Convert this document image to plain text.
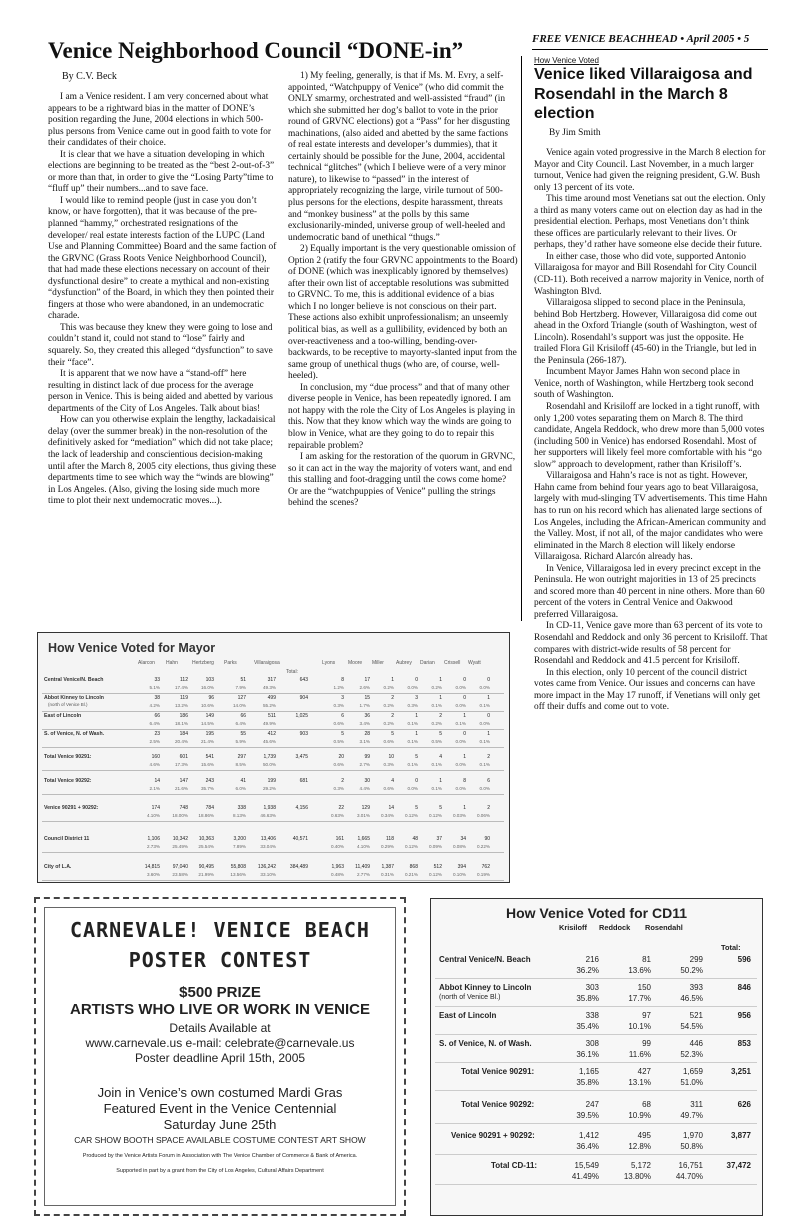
Venice Neighborhood Council “DONE-in”
By C.V. Beck

I am a Venice resident. I am very concerned about what appears to be a rightward bias in the matter of DONE’s position regarding the June, 2004 elections in which 500-plus persons from Venice came out in good faith to vote for their candidates of their choice.

It is clear that we have a situation developing in which elections are beginning to be treated as the “best 2-out-of-3” or more than that, in order to give the “Losing Party”time to “fluff up” their numbers...and to save face.

I would like to remind people (just in case you don’t know, or have forgotten), that it was because of the pre-planned “hammy,” orchestrated resignations of the developer/ real estate interests faction of the LUPC (Land Use and Planning Committee) Board and the same faction of the GRVNC (Grass Roots Venice Neighborhood Council), that had made these elections necessary on account of their dysfunctional desire” to create a mythical and non-existing “dysfunction” of the Board, in which they then pointed their fingers at those who were abandoned, in an undemocratic charade.

This was because they knew they were going to lose and couldn’t stand it, could not stand to “lose” fairly and squarely. So, they created this alleged “dysfunction” to save their “face”.

It is apparent that we now have a “stand-off” here resulting in distinct lack of due process for the average person in Venice. This is being aided and abetted by various departments of the City of Los Angeles. Talk about bias!

How can you otherwise explain the lengthy, lackadaisical delay (over the summer break) in the non-resolution of the definitively asked for “mediation” which did not take place; the lack of leadership and conscientious decision-making until after the March 8, 2005 city elections, thus giving these departments time to see which way the “winds are blowing” in Los Angeles. (Also, giving the losing side much more time to plot their next undemocratic moves...).

1) My feeling, generally, is that if Ms. M. Evry, a self-appointed, “Watchpuppy of Venice” (who did commit the ONLY smarmy, orchestrated and well-assisted “fraud” (in which she submitted her dog’s ballot to vote in the prior round of GRVNC elections) got a “Pass” for her disgusting machinations, (also aided and abetted by the same factions of real estate interests and developer’s dummies), that it certainly should be possible for the June, 2004, accidental technical “glitches” (which I believe were of a very minor nature), to likewise to “passed” in the interest of appropriately recognizing the large, virile turnout of 500-plus persons for the elections, despite harassment, threats and “monkey business” at the polls by this same exclusionarily-minded, universe group of well-heeled and undemocratic band of unethical “thugs.”

2) Equally important is the very questionable omission of Option 2 (ratify the four GRVNC appointments to the Board) of DONE (which was inexplicably ignored by themselves) after their own list of acceptable resolutions was submitted to GRVNC. To me, this is additional evidence of a bias which I no longer believe is not conscious on their part. These actions also exhibit unprofessionalism; an unseemly political bias, as well as a gullibility, evidenced by both an over-reactiveness and a too-willing, bending-over-backwards, to be receptive to mayorty-slanted input from the same group of unethical thugs (who are, of course, well-heeled).

In conclusion, my “due process” and that of many other diverse people in Venice, has been repeatedly ignored. I am not happy with the role the City of Los Angeles is playing in this. Now that they know which way the winds are going to blow in Venice, what are they going to do to repair this repairable problem?

I am asking for the restoration of the quorum in GRVNC, so it can act in the way the majority of voters want, and end this stalling and foot-dragging until the cows come home? Or are the “watchpuppies of Venice” pulling the strings behind the scenes?

FREE VENICE BEACHHEAD • April 2005 • 5
How Venice Voted
Venice liked Villaraigosa and Rosendahl in the March 8 election
By Jim Smith

Venice again voted progressive in the March 8 election for Mayor and City Council. Last November, in a much larger turnout, Venice had given the reigning president, G.W. Bush only 13 percent of its vote.

This time around most Venetians sat out the election. Only a third as many voters came out on election day as had in the presidential election. Perhaps, most Venetians don’t think these offices are particularly relevant to their lives. Or perhaps, they’d rather have someone else decide their future.

In either case, those who did vote, supported Antonio Villaraigosa for mayor and Bill Rosendahl for City Council (CD-11). Both received a narrow majority in Venice, north of Washington Blvd.

Villaraigosa slipped to second place in the Peninsula, behind Bob Hertzberg. However, Villaraigosa did come out ahead in the Oxford Triangle (south of Washington, west of Lincoln). Rosendahl’s support was just the opposite. He trailed Flora Gil Krisiloff (45-60) in the Triangle, but led in the Peninsula (266-187).

Incumbent Mayor James Hahn won second place in Venice, north of Washington, while Hertzberg took second south of Washington.

Rosendahl and Krisiloff are locked in a tight runoff, with only 1,200 votes separating them on March 8. The third candidate, Angela Reddock, who drew more than 5,000 votes (including 500 in Venice) has endorsed Rosendahl. Most of her supporters will likely feel more comfortable with his “go slow” approach to development, rather than Krisiloff’s.

Villaraigosa and Hahn’s race is not as tight. However, Hahn came from behind four years ago to beat Villaraigosa, largely with mud-slinging TV advertisements. This time Hahn has to run on his record which has alienated large sections of Los Angeles, including the African-American community and the Valley. Most, if not all, of the major candidates who were eliminated in the March 8 election will likely endorse Villaraigosa. Richard Alarcón already has.

In Venice, Villaraigosa led in every precinct except in the Peninsula. He won outright majorities in 13 of 25 precincts and scored more than 40 percent in nine others. More than 60 percent of the voters in Central Venice and Oakwood preferred Villaraigosa.

In CD-11, Venice gave more than 63 percent of its vote to Rosendahl and Reddock and only 36 percent to Krisiloff. That compares with district-wide results of 58 percent for Rosendahl and Reddock and 41.5 percent for Krisiloff.

In this election, only 10 percent of the council district votes came from Venice. Our issues and concerns can have more impact in the May 17 runoff, if Venetians will only get off their duffs and come out to vote.

How Venice Voted for Mayor
Alarcon Hahn	Hertzberg Parks	Villaraigosa
Total:
Lyons	Moore Miller Aubrey Darian Crissell Wyatt
Central Venice/N. Beach	33	112	103	51	317	643	8	17	1	0	1	0	0
5.1%	17.4%	16.0%	7.9%	49.3%	1.2%	2.6%	0.2%	0.0%	0.2%	0.0%	0.0%
Abbot Kinney to Lincoln
(north of Venice Bl.)
38	119	96	127	499	904	3	15	2	3	1	0	1
4.2%	13.2%	10.6%	14.0%	55.2%	0.3%	1.7%	0.2%	0.3%	0.1%	0.0%	0.1%
East of Lincoln	66	186	149	66	511	1,025	6	36	2	1	2	1	0
6.4%	18.1%	14.5%	6.4%	49.9%	0.6%	3.4%	0.2%	0.1%	0.2%	0.1%	0.0%
S. of Venice, N. of Wash.	23	184	195	55	412	903	5	28	5	1	5	0	1
2.5%	20.4%	21.4%	5.9%	45.6%	0.5%	3.1%	0.6%	0.1%	0.5%	0.0%	0.1%
Total Venice 90291:	160	601	541	297	1,739	3,475	20	99	10	5	4	1	2
4.6%	17.3%	15.6%	8.5%	50.0%	0.6%	2.7%	0.3%	0.1%	0.1%	0.0%	0.1%
Total Venice 90292:	14	147	243	41	199	681	2	30	4	0	1	8	6
2.1%	21.6%	35.7%	6.0%	29.2%	0.3%	4.4%	0.6%	0.0%	0.1%	0.0%	0.0%
Venice 90291 + 90292:	174	748	784	338	1,938	4,156	22	129	14	5	5	1	2
4.10%	18.00%	18.86%	8.13%	46.63%	0.63%	3.01%	0.34%	0.12%	0.12%	0.03%	0.06%
Council District 11	1,106	10,342	10,363	3,200	13,406	40,571	161	1,665	118	48	37	34	90
2.73%	25.49%	25.54%	7.89%	33.04%	0.40%	4.10%	0.29%	0.12%	0.09%	0.08%	0.22%
City of L.A.	14,815	97,040	90,495	55,808	136,242	384,489	1,963	11,409	1,387	868	512	394	762
3.60%	23.58%	21.99%	13.56%	33.10%	0.48%	2.77%	0.31%	0.21%	0.12%	0.10%	0.19%
CARNEVALE! VENICE BEACH
POSTER CONTEST
$500 PRIZE
ARTISTS WHO LIVE OR WORK IN VENICE
Details Available at
www.carnevale.us e-mail: celebrate@carnevale.us
Poster deadline April 15th, 2005
Join in Venice’s own costumed Mardi Gras
Featured Event in the Venice Centennial
Saturday June 25th
CAR SHOW BOOTH SPACE AVAILABLE COSTUME CONTEST ART SHOW
Produced by the Venice Artists Forum in Association with The Venice Chamber of Commerce & Bank of America.
Supported in part by a grant from the City of Los Angeles, Cultural Affairs Department
How Venice Voted for CD11
Krisiloff Reddock Rosendahl
Total:
Central Venice/N. Beach	216	81	299	596
36.2%	13.6%	50.2%
Abbot Kinney to Lincoln
(north of Venice Bl.)
303	150	393	846
35.8%	17.7%	46.5%
East of Lincoln	338	97	521	956
35.4%	10.1%	54.5%
S. of Venice, N. of Wash.	308	99	446	853
36.1%	11.6%	52.3%
Total Venice 90291:	1,165	427	1,659	3,251
35.8%	13.1%	51.0%
Total Venice 90292:	247	68	311	626
39.5%	10.9%	49.7%
Venice 90291 + 90292:	1,412	495	1,970	3,877
36.4%	12.8%	50.8%
Total CD-11:	15,549	5,172	16,751	37,472
41.49%	13.80%	44.70%
